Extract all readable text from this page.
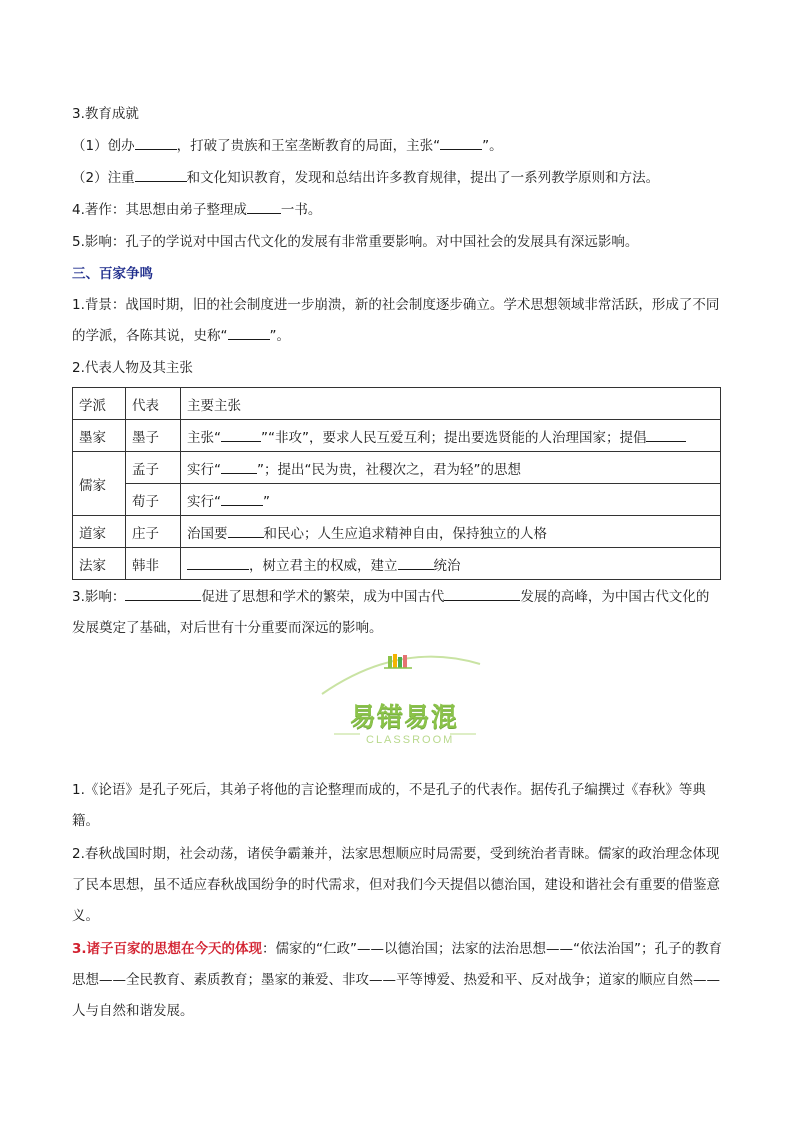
3.教育成就

（1）创办	，打破了贵族和王室垄断教育的局面，主张“	”。

（2）注重	和文化知识教育，发现和总结出许多教育规律，提出了一系列教学原则和方法。

4.著作：其思想由弟子整理成	一书。

5.影响：孔子的学说对中国古代文化的发展有非常重要影响。对中国社会的发展具有深远影响。

三、百家争鸣

1.背景：战国时期，旧的社会制度进一步崩溃，新的社会制度逐步确立。学术思想领域非常活跃，形成了不同的学派，各陈其说，史称“	”。

2.代表人物及其主张

学派	代表	主要主张
墨家	墨子	主张“ ”“非攻”，要求人民互爱互利；提出要选贤能的人治理国家；提倡
儒家	孟子	实行“ ”；提出“民为贵，社稷次之，君为轻”的思想
	荀子	实行“ ”
道家	庄子	治国要 和民心；人生应追求精神自由，保持独立的人格
法家	韩非	，树立君主的权威，建立 统治

3.影响：	促进了思想和学术的繁荣，成为中国古代	发展的高峰，为中国古代文化的发展奠定了基础，对后世有十分重要而深远的影响。

易错易混
CLASSROOM

1.《论语》是孔子死后，其弟子将他的言论整理而成的，不是孔子的代表作。据传孔子编撰过《春秋》等典籍。

2.春秋战国时期，社会动荡，诸侯争霸兼并，法家思想顺应时局需要，受到统治者青睐。儒家的政治理念体现了民本思想，虽不适应春秋战国纷争的时代需求，但对我们今天提倡以德治国，建设和谐社会有重要的借鉴意义。

3.诸子百家的思想在今天的体现：儒家的“仁政”——以德治国；法家的法治思想——“依法治国”；孔子的教育思想——全民教育、素质教育；墨家的兼爱、非攻——平等博爱、热爱和平、反对战争；道家的顺应自然——人与自然和谐发展。
